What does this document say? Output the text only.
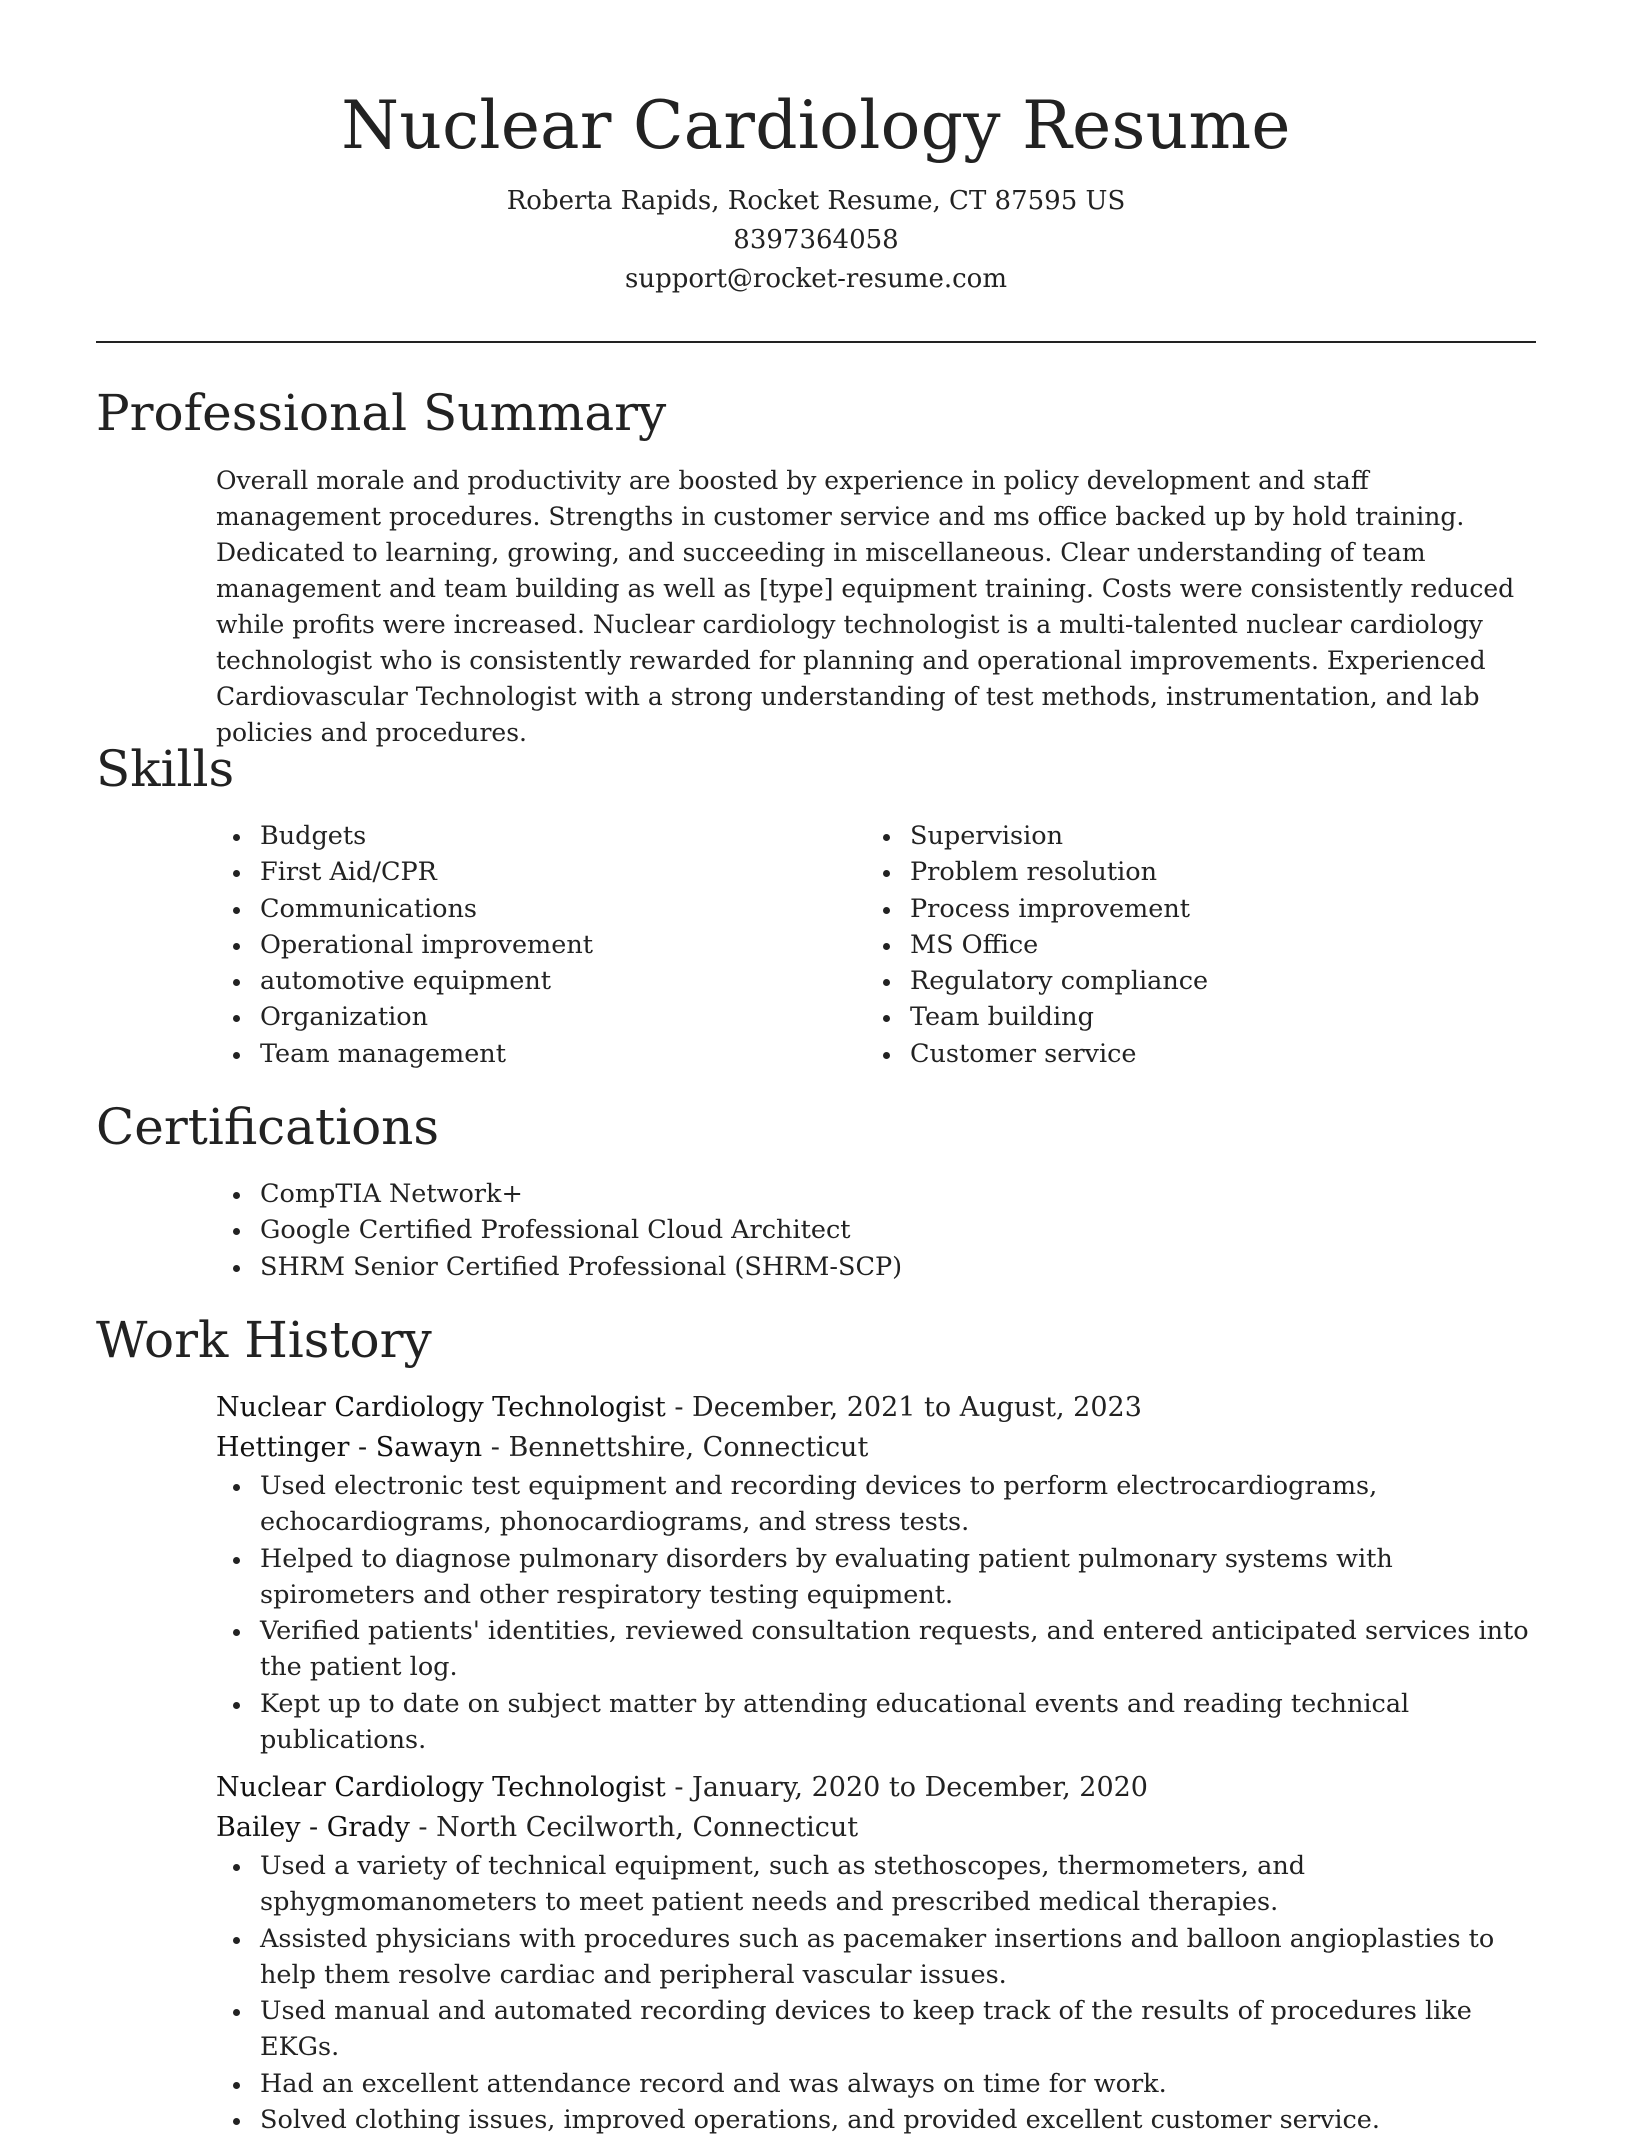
Nuclear Cardiology Resume
Roberta Rapids, Rocket Resume, CT 87595 US
8397364058
support@rocket-resume.com
Professional Summary
Overall morale and productivity are boosted by experience in policy development and staff management procedures. Strengths in customer service and ms office backed up by hold training. Dedicated to learning, growing, and succeeding in miscellaneous. Clear understanding of team management and team building as well as [type] equipment training. Costs were consistently reduced while profits were increased. Nuclear cardiology technologist is a multi-talented nuclear cardiology technologist who is consistently rewarded for planning and operational improvements. Experienced Cardiovascular Technologist with a strong understanding of test methods, instrumentation, and lab policies and procedures.
Skills
Budgets
First Aid/CPR
Communications
Operational improvement
automotive equipment
Organization
Team management
Supervision
Problem resolution
Process improvement
MS Office
Regulatory compliance
Team building
Customer service
Certifications
CompTIA Network+
Google Certified Professional Cloud Architect
SHRM Senior Certified Professional (SHRM-SCP)
Work History
Nuclear Cardiology Technologist - December, 2021 to August, 2023
Hettinger - Sawayn - Bennettshire, Connecticut
Used electronic test equipment and recording devices to perform electrocardiograms, echocardiograms, phonocardiograms, and stress tests.
Helped to diagnose pulmonary disorders by evaluating patient pulmonary systems with spirometers and other respiratory testing equipment.
Verified patients' identities, reviewed consultation requests, and entered anticipated services into the patient log.
Kept up to date on subject matter by attending educational events and reading technical publications.
Nuclear Cardiology Technologist - January, 2020 to December, 2020
Bailey - Grady - North Cecilworth, Connecticut
Used a variety of technical equipment, such as stethoscopes, thermometers, and sphygmomanometers to meet patient needs and prescribed medical therapies.
Assisted physicians with procedures such as pacemaker insertions and balloon angioplasties to help them resolve cardiac and peripheral vascular issues.
Used manual and automated recording devices to keep track of the results of procedures like EKGs.
Had an excellent attendance record and was always on time for work.
Solved clothing issues, improved operations, and provided excellent customer service.
